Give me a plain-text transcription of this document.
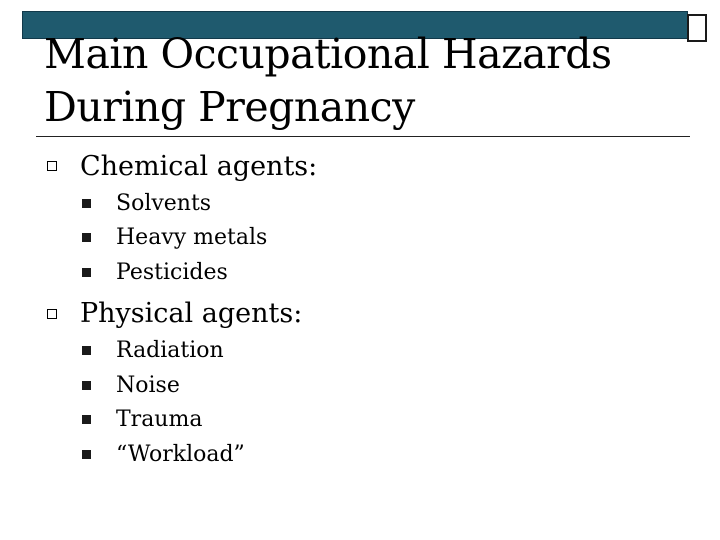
Main Occupational Hazards During Pregnancy
Chemical agents:
Solvents
Heavy metals
Pesticides
Physical agents:
Radiation
Noise
Trauma
“Workload”
